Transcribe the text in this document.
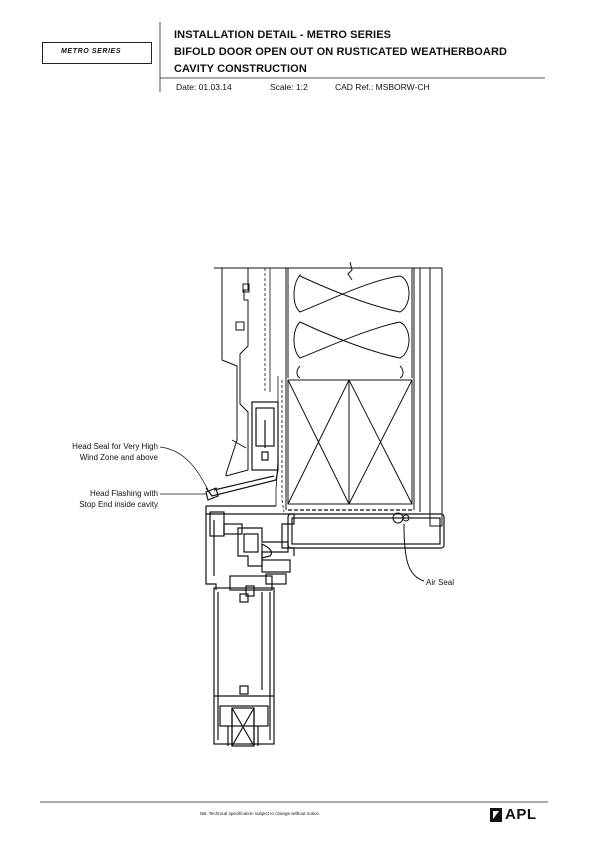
METRO SERIES
INSTALLATION DETAIL - METRO SERIES
BIFOLD DOOR OPEN OUT ON RUSTICATED WEATHERBOARD
CAVITY CONSTRUCTION
Date: 01.03.14	Scale: 1:2	CAD Ref.: MSBORW-CH
Head Seal for Very High
Wind Zone and above
Head Flashing with
Stop End inside cavity
Air Seal
NB. Technical specification subject to change without notice.	APL
